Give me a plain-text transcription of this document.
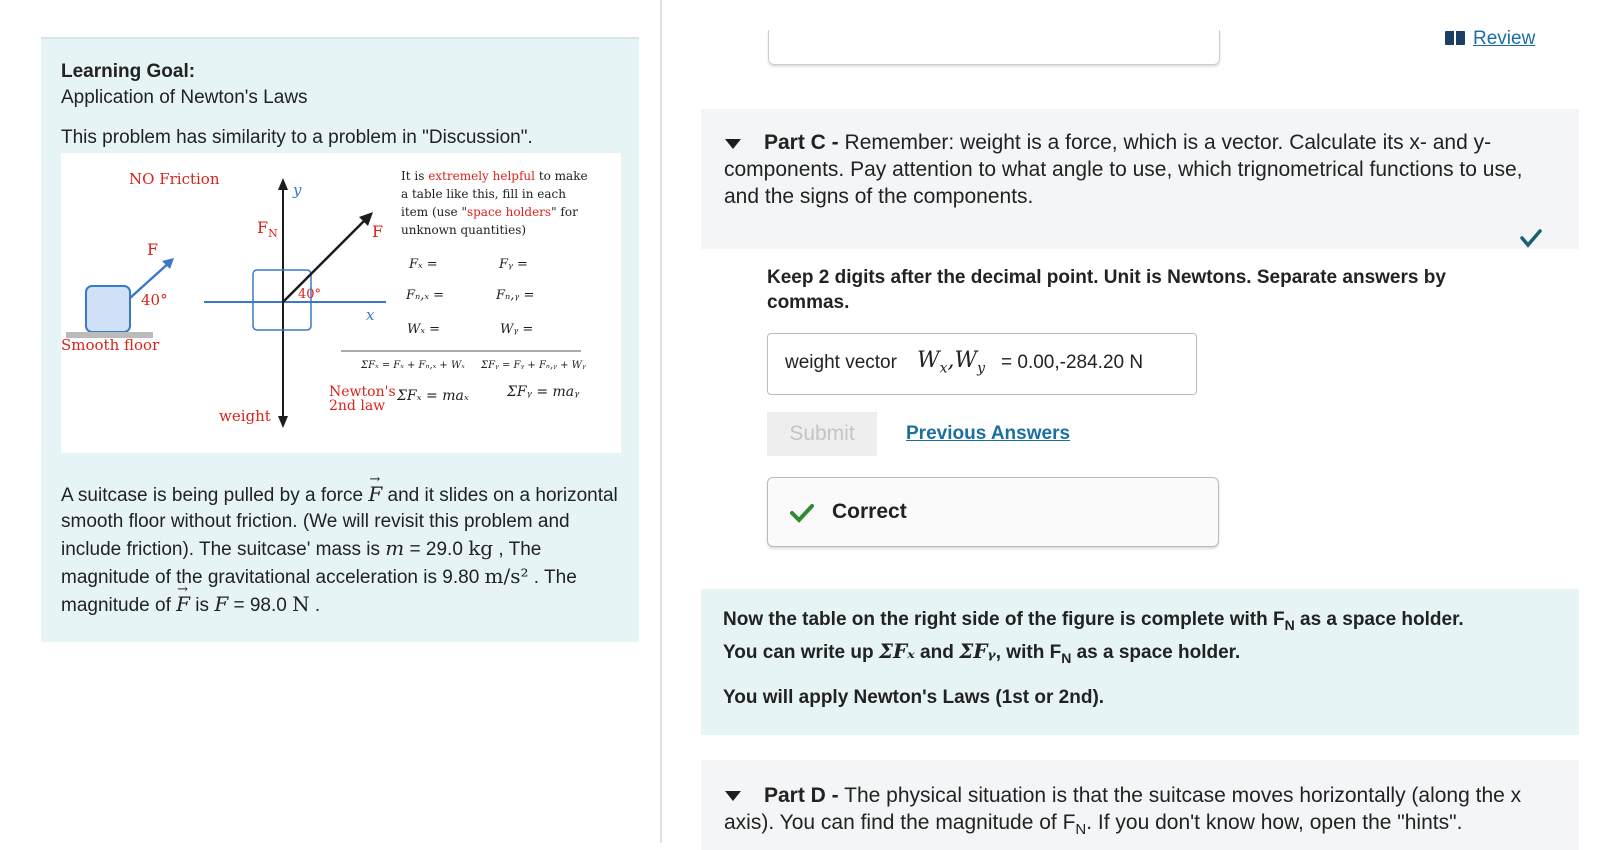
Learning Goal:
Application of Newton's Laws
This problem has similarity to a problem in "Discussion".
NO Friction
F
40°
Smooth floor
y
x
$F_N$
40°
F
weight
It is extremely helpful to make
a table like this, fill in each
item (use "space holders" for
unknown quantities)
Fₓ =	Fᵧ =
Fₙ,ₓ =	Fₙ,ᵧ =
Wₓ =	Wᵧ =
ΣFₓ = Fₓ + Fₙ,ₓ + Wₓ ΣFᵧ = Fᵧ + Fₙ,ᵧ + Wᵧ
Newton's
2nd law
ΣFₓ = maₓ	ΣFᵧ = maᵧ
A suitcase is being pulled by a force → F and it slides on a horizontal smooth floor without friction. (We will revisit this problem and include friction). The suitcase' mass is m = 29.0 kg , The magnitude of the gravitational acceleration is 9.80 m/s² . The magnitude of → F is F = 98.0 N .
Review
Part C - Remember: weight is a force, which is a vector. Calculate its x- and y-components. Pay attention to what angle to use, which trignometrical functions to use, and the signs of the components.
Keep 2 digits after the decimal point. Unit is Newtons. Separate answers by commas.
weight vector $W_x,W_y = 0.00,-284.20$ N
Submit	Previous Answers
Correct
Now the table on the right side of the figure is complete with $F_N$ as a space holder.
You can write up ΣFₓ and ΣFᵧ, with $F_N$ as a space holder.
You will apply Newton's Laws (1st or 2nd).
Part D - The physical situation is that the suitcase moves horizontally (along the x axis). You can find the magnitude of $F_N$. If you don't know how, open the "hints".
